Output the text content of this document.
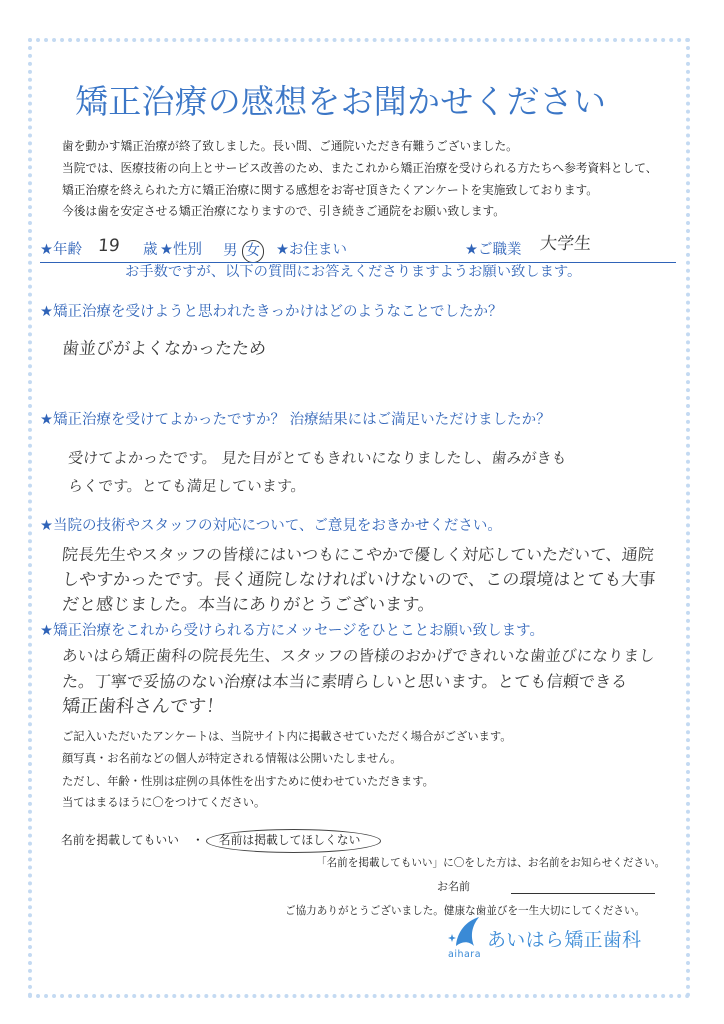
矯正治療の感想をお聞かせください
歯を動かす矯正治療が終了致しました。長い間、ご通院いただき有難うございました。
当院では、医療技術の向上とサービス改善のため、またこれから矯正治療を受けられる方たちへ参考資料として、
矯正治療を終えられた方に矯正治療に関する感想をお寄せ頂きたくアンケートを実施致しております。
今後は歯を安定させる矯正治療になりますので、引き続きご通院をお願い致します。
★年齢 19 歳 ★性別 男 女 ★お住まい	★ご職業 大学生
お手数ですが、以下の質問にお答えくださりますようお願い致します。
★矯正治療を受けようと思われたきっかけはどのようなことでしたか？
歯並びがよくなかったため
★矯正治療を受けてよかったですか？ 治療結果にはご満足いただけましたか？
受けてよかったです。 見た目がとてもきれいになりましたし、歯みがきも
らくです。とても満足しています。
★当院の技術やスタッフの対応について、ご意見をおきかせください。
院長先生やスタッフの皆様にはいつもにこやかで優しく対応していただいて、通院
しやすかったです。長く通院しなければいけないので、この環境はとても大事
だと感じました。本当にありがとうございます。
★矯正治療をこれから受けられる方にメッセージをひとことお願い致します。
あいはら矯正歯科の院長先生、スタッフの皆様のおかげできれいな歯並びになりまし
た。丁寧で妥協のない治療は本当に素晴らしいと思います。とても信頼できる
矯正歯科さんです！
ご記入いただいたアンケートは、当院サイト内に掲載させていただく場合がございます。
顔写真・お名前などの個人が特定される情報は公開いたしません。
ただし、年齢・性別は症例の具体性を出すために使わせていただきます。
当てはまるほうに〇をつけてください。
名前を掲載してもいい	・	名前は掲載してほしくない
「名前を掲載してもいい」に〇をした方は、お名前をお知らせください。
お名前
ご協力ありがとうございました。健康な歯並びを一生大切にしてください。
あいはら矯正歯科
aihara
